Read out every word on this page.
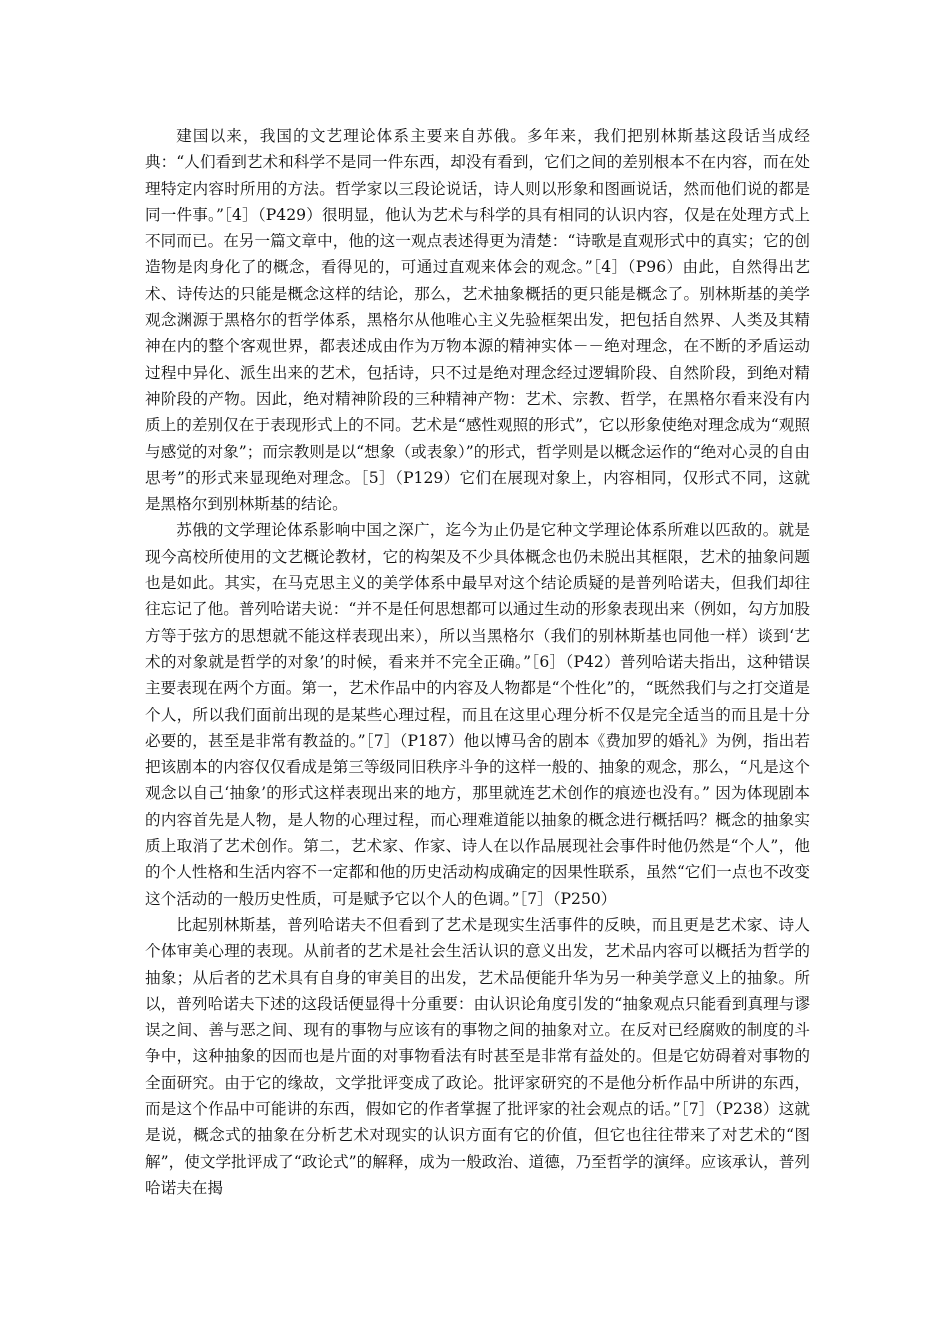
建国以来，我国的文艺理论体系主要来自苏俄。多年来，我们把别林斯基这段话当成经典：“人们看到艺术和科学不是同一件东西，却没有看到，它们之间的差别根本不在内容，而在处理特定内容时所用的方法。哲学家以三段论说话，诗人则以形象和图画说话，然而他们说的都是同一件事。”［4］（P429）很明显，他认为艺术与科学的具有相同的认识内容，仅是在处理方式上不同而已。在另一篇文章中，他的这一观点表述得更为清楚：“诗歌是直观形式中的真实；它的创造物是肉身化了的概念，看得见的，可通过直观来体会的观念。”［4］（P96）由此，自然得出艺术、诗传达的只能是概念这样的结论，那么，艺术抽象概括的更只能是概念了。别林斯基的美学观念渊源于黑格尔的哲学体系，黑格尔从他唯心主义先验框架出发，把包括自然界、人类及其精神在内的整个客观世界，都表述成由作为万物本源的精神实体－－绝对理念，在不断的矛盾运动过程中异化、派生出来的艺术，包括诗，只不过是绝对理念经过逻辑阶段、自然阶段，到绝对精神阶段的产物。因此，绝对精神阶段的三种精神产物：艺术、宗教、哲学，在黑格尔看来没有内质上的差别仅在于表现形式上的不同。艺术是“感性观照的形式”，它以形象使绝对理念成为“观照与感觉的对象”；而宗教则是以“想象（或表象）”的形式，哲学则是以概念运作的“绝对心灵的自由思考”的形式来显现绝对理念。［5］（P129）它们在展现对象上，内容相同，仅形式不同，这就是黑格尔到别林斯基的结论。

苏俄的文学理论体系影响中国之深广，迄今为止仍是它种文学理论体系所难以匹敌的。就是现今高校所使用的文艺概论教材，它的构架及不少具体概念也仍未脱出其框限，艺术的抽象问题也是如此。其实，在马克思主义的美学体系中最早对这个结论质疑的是普列哈诺夫，但我们却往往忘记了他。普列哈诺夫说：“并不是任何思想都可以通过生动的形象表现出来（例如，勾方加股方等于弦方的思想就不能这样表现出来），所以当黑格尔（我们的别林斯基也同他一样）谈到‘艺术的对象就是哲学的对象’的时候，看来并不完全正确。”［6］（P42）普列哈诺夫指出，这种错误主要表现在两个方面。第一，艺术作品中的内容及人物都是“个性化”的，“既然我们与之打交道是个人，所以我们面前出现的是某些心理过程，而且在这里心理分析不仅是完全适当的而且是十分必要的，甚至是非常有教益的。”［7］（P187）他以博马舍的剧本《费加罗的婚礼》为例，指出若把该剧本的内容仅仅看成是第三等级同旧秩序斗争的这样一般的、抽象的观念，那么，“凡是这个观念以自己‘抽象’的形式这样表现出来的地方，那里就连艺术创作的痕迹也没有。” 因为体现剧本的内容首先是人物，是人物的心理过程，而心理难道能以抽象的概念进行概括吗？概念的抽象实质上取消了艺术创作。第二，艺术家、作家、诗人在以作品展现社会事件时他仍然是“个人”，他的个人性格和生活内容不一定都和他的历史活动构成确定的因果性联系，虽然“它们一点也不改变这个活动的一般历史性质，可是赋予它以个人的色调。”［7］（P250）

比起别林斯基，普列哈诺夫不但看到了艺术是现实生活事件的反映，而且更是艺术家、诗人个体审美心理的表现。从前者的艺术是社会生活认识的意义出发，艺术品内容可以概括为哲学的抽象；从后者的艺术具有自身的审美目的出发，艺术品便能升华为另一种美学意义上的抽象。所以，普列哈诺夫下述的这段话便显得十分重要：由认识论角度引发的“抽象观点只能看到真理与谬误之间、善与恶之间、现有的事物与应该有的事物之间的抽象对立。在反对已经腐败的制度的斗争中，这种抽象的因而也是片面的对事物看法有时甚至是非常有益处的。但是它妨碍着对事物的全面研究。由于它的缘故，文学批评变成了政论。批评家研究的不是他分析作品中所讲的东西，而是这个作品中可能讲的东西，假如它的作者掌握了批评家的社会观点的话。”［7］（P238）这就是说，概念式的抽象在分析艺术对现实的认识方面有它的价值，但它也往往带来了对艺术的“图解”，使文学批评成了“政论式”的解释，成为一般政治、道德，乃至哲学的演绎。应该承认，普列哈诺夫在揭
